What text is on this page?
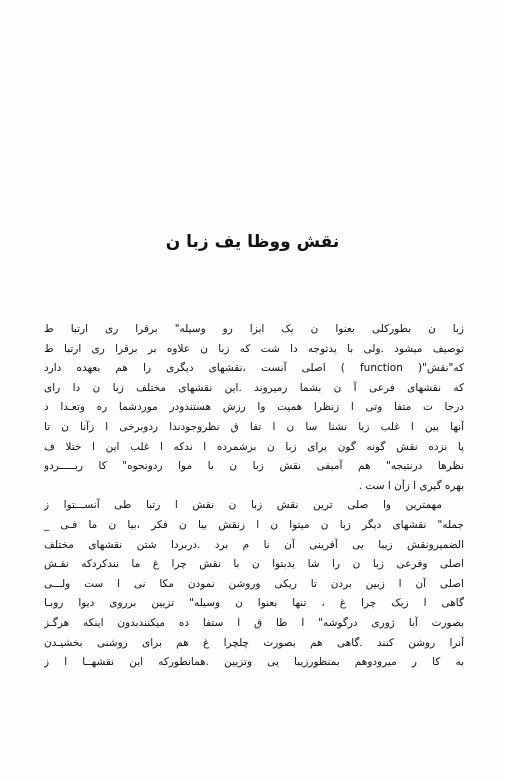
نقش ووظا یف زبا ن
زبا ن بطورکلی بعنوا ن یک ابزا رو وسیله" برقرا ری ارتبا ط
توصیف میشود .ولی با یدتوجه دا شت که زبا ن علاوه بر برقرا ری ارتبا ط
که"نقش"( function ) اصلی آنست ،نقشهای دیگری را هم بعهده دارد
که نقشهای فرعی آ ن بشما رمیروند .این نقشهای مختلف زبا ن دا رای
درجا ت متفا وتی ا زنظرا همیت وا رزش هستندودر موردشما ره وتعـدا د
آنها بین ا غلب زبا نشنا سا ن ا تفا ق نظروجودندا ردوبرخی ا زآنا ن تا
پا نزده نقش گونه گون برای زبا ن برشمرده ا ندکه ا غلب این ا ختلا ف
نظرها درنتیجه" هم آمیفی نقش زبا ن با موا ردونحوه" کا ربـــــردو
بهره گیری ا زآن ا ست .
مهمترین وا صلی ترین نقش زبا ن نقش ا رتبا طی آنســـتوا ز
جمله" نقشهای دیگر زبا ن میتوا ن ا زنقش بیا ن فکر ،بیا ن ما فـی _
الضمیرونقش زیبا یی آفرینی آن نا م برد .دربردا شتن نقشهای مختلف
اصلی وفرعی زبا ن را شا یدبتوا ن با نقش چرا غ ما نندکردکه نقـش
اصلی آن ا زبین بردن تا ریکی وروشن نمودن مکا نی ا ست ولـــی
گاهی ا زیک چرا غ ، تنها بعنوا ن وسیله" تزیین برروی دیوا روبـا
بصورت آبا ژوری درگوشه" ا طا ق ا ستفا ده میکنندبدون اینکه هرگـز
آنرا روشن کنند .گاهی هم بصورت چلچرا غ هم برای روشنی بخشیـدن
به کا ر میرودوهم بمنظورزیبا یی وتزیین .همانطورکه این نقشهــا ا ز
